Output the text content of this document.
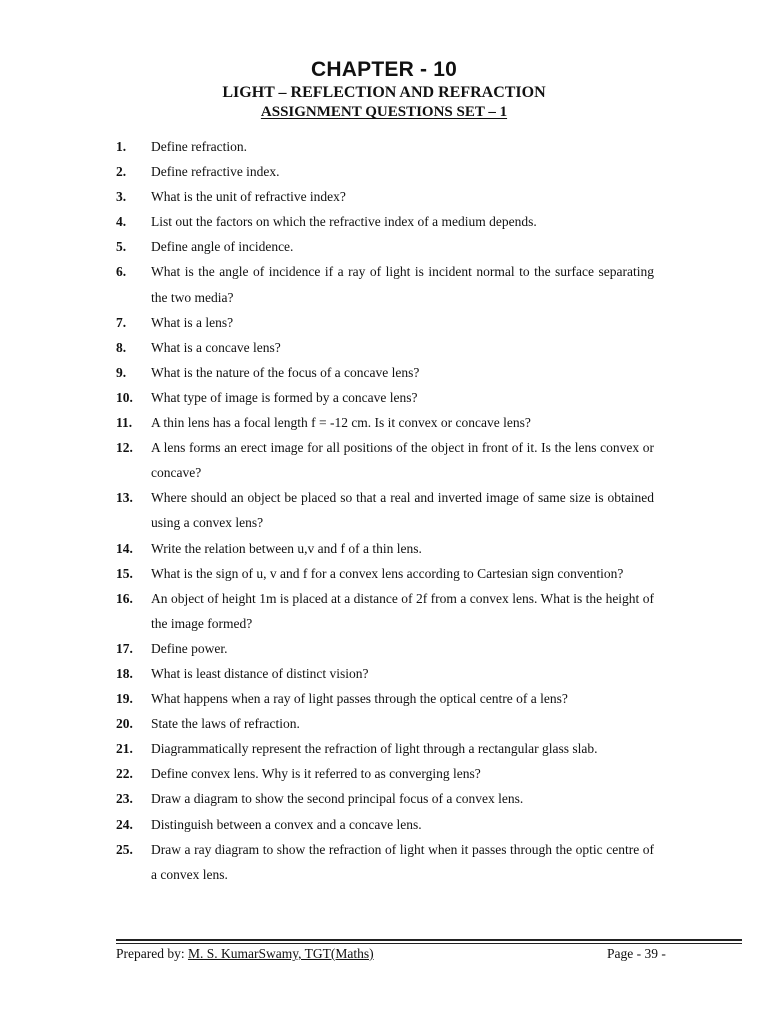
CHAPTER - 10
LIGHT – REFLECTION AND REFRACTION
ASSIGNMENT QUESTIONS SET – 1
1.	Define refraction.
2.	Define refractive index.
3.	What is the unit of refractive index?
4.	List out the factors on which the refractive index of a medium depends.
5.	Define angle of incidence.
6.	What is the angle of incidence if a ray of light is incident normal to the surface separating the two media?
7.	What is a lens?
8.	What is a concave lens?
9.	What is the nature of the focus of a concave lens?
10.	What type of image is formed by a concave lens?
11.	A thin lens has a focal length f = -12 cm. Is it convex or concave lens?
12.	A lens forms an erect image for all positions of the object in front of it. Is the lens convex or concave?
13.	Where should an object be placed so that a real and inverted image of same size is obtained using a convex lens?
14.	Write the relation between u,v and f of a thin lens.
15.	What is the sign of u, v and f for a convex lens according to Cartesian sign convention?
16.	An object of height 1m is placed at a distance of 2f from a convex lens. What is the height of the image formed?
17.	Define power.
18.	What is least distance of distinct vision?
19.	What happens when a ray of light passes through the optical centre of a lens?
20.	State the laws of refraction.
21.	Diagrammatically represent the refraction of light through a rectangular glass slab.
22.	Define convex lens. Why is it referred to as converging lens?
23.	Draw a diagram to show the second principal focus of a convex lens.
24.	Distinguish between a convex and a concave lens.
25.	Draw a ray diagram to show the refraction of light when it passes through the optic centre of a convex lens.
Prepared by: M. S. KumarSwamy, TGT(Maths)	Page - 39 -
